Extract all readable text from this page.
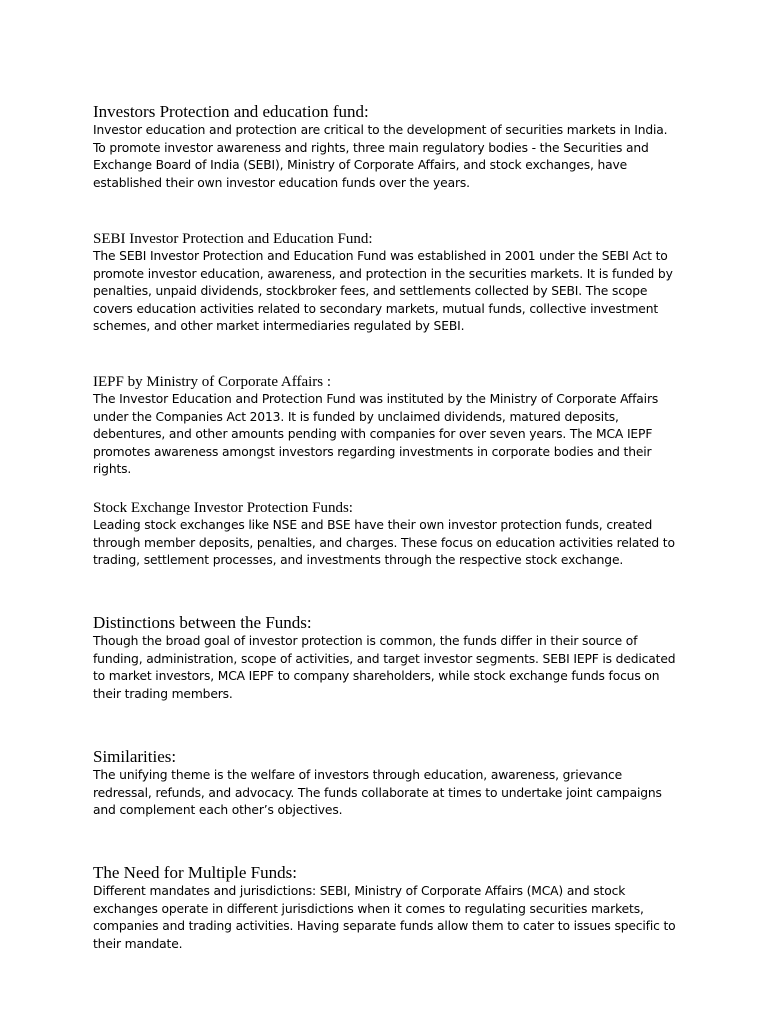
Investors Protection and education fund:

Investor education and protection are critical to the development of securities markets in India. To promote investor awareness and rights, three main regulatory bodies - the Securities and Exchange Board of India (SEBI), Ministry of Corporate Affairs, and stock exchanges, have established their own investor education funds over the years.

SEBI Investor Protection and Education Fund:

The SEBI Investor Protection and Education Fund was established in 2001 under the SEBI Act to promote investor education, awareness, and protection in the securities markets. It is funded by penalties, unpaid dividends, stockbroker fees, and settlements collected by SEBI. The scope covers education activities related to secondary markets, mutual funds, collective investment schemes, and other market intermediaries regulated by SEBI.

IEPF by Ministry of Corporate Affairs :

The Investor Education and Protection Fund was instituted by the Ministry of Corporate Affairs under the Companies Act 2013. It is funded by unclaimed dividends, matured deposits, debentures, and other amounts pending with companies for over seven years. The MCA IEPF promotes awareness amongst investors regarding investments in corporate bodies and their rights.

Stock Exchange Investor Protection Funds:

Leading stock exchanges like NSE and BSE have their own investor protection funds, created through member deposits, penalties, and charges. These focus on education activities related to trading, settlement processes, and investments through the respective stock exchange.

Distinctions between the Funds:

Though the broad goal of investor protection is common, the funds differ in their source of funding, administration, scope of activities, and target investor segments. SEBI IEPF is dedicated to market investors, MCA IEPF to company shareholders, while stock exchange funds focus on their trading members.

Similarities:

The unifying theme is the welfare of investors through education, awareness, grievance redressal, refunds, and advocacy. The funds collaborate at times to undertake joint campaigns and complement each other’s objectives.

The Need for Multiple Funds:

Different mandates and jurisdictions: SEBI, Ministry of Corporate Affairs (MCA) and stock exchanges operate in different jurisdictions when it comes to regulating securities markets, companies and trading activities. Having separate funds allow them to cater to issues specific to their mandate.
